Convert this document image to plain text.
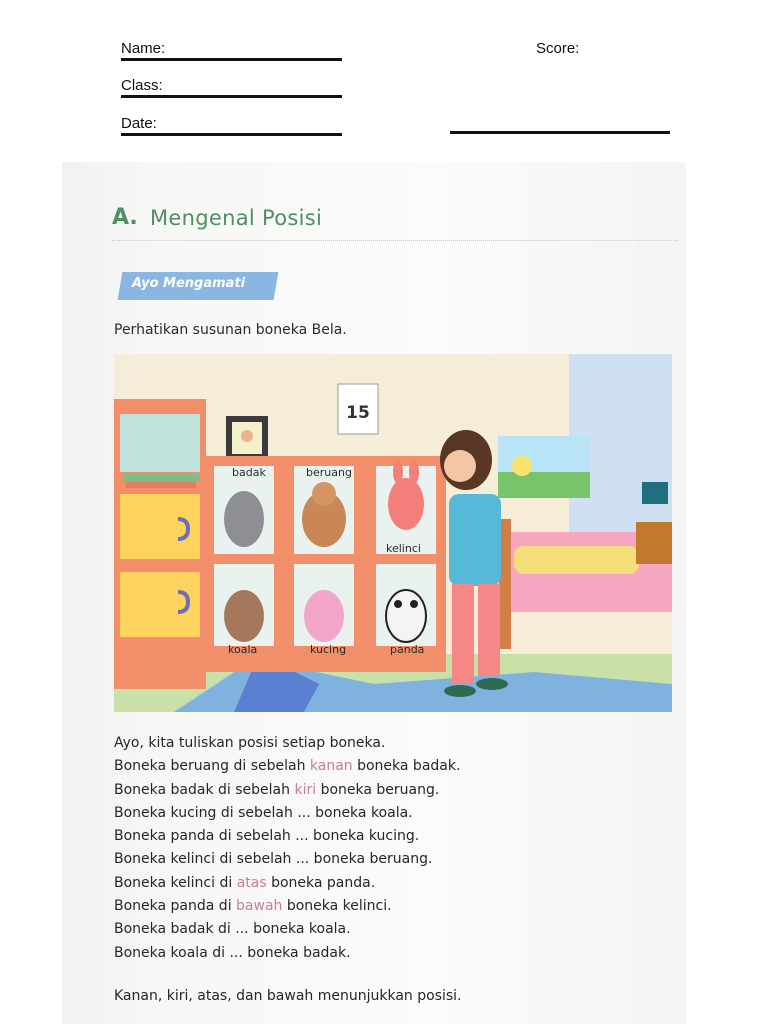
Name:
Class:
Date:
Score:
A. Mengenal Posisi
Ayo Mengamati
Perhatikan susunan boneka Bela.
15
badak	beruang
kelinci
koala	kucing	panda
Ayo, kita tuliskan posisi setiap boneka.
Boneka beruang di sebelah kanan boneka badak.
Boneka badak di sebelah kiri boneka beruang.
Boneka kucing di sebelah ... boneka koala.
Boneka panda di sebelah ... boneka kucing.
Boneka kelinci di sebelah ... boneka beruang.
Boneka kelinci di atas boneka panda.
Boneka panda di bawah boneka kelinci.
Boneka badak di ... boneka koala.
Boneka koala di ... boneka badak.
Kanan, kiri, atas, dan bawah menunjukkan posisi.
